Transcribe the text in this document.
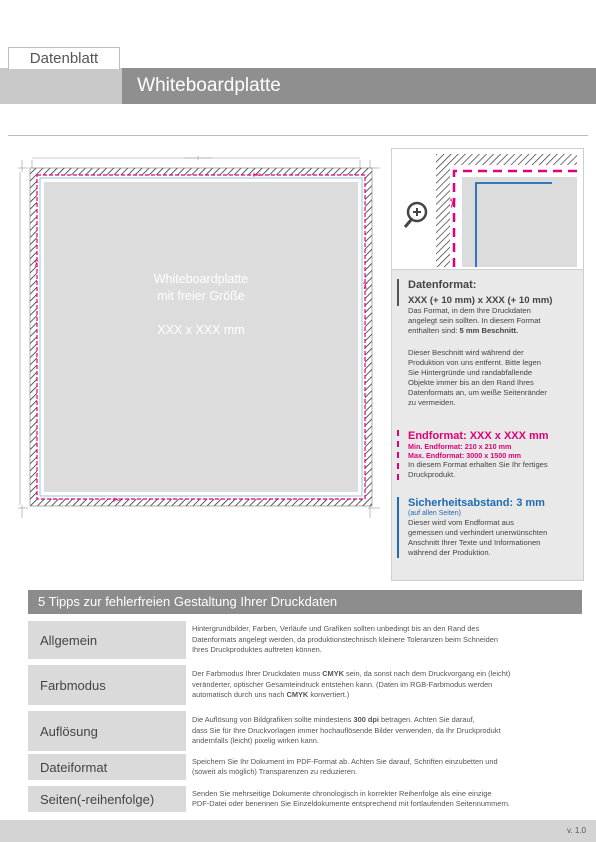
Datenblatt
Whiteboardplatte
✂
✂
✂
✂
Whiteboardplatte
mit freier Größe
XXX x XXX mm
✂
Datenformat:
XXX (+ 10 mm) x XXX (+ 10 mm)
Das Format, in dem Ihre Druckdaten
angelegt sein sollten. In diesem Format
enthalten sind: 5 mm Beschnitt.
Dieser Beschnitt wird während der
Produktion von uns entfernt. Bitte legen
Sie Hintergründe und randabfallende
Objekte immer bis an den Rand Ihres
Datenformats an, um weiße Seitenränder
zu vermeiden.
Endformat: XXX x XXX mm
Min. Endformat: 210 x 210 mm
Max. Endformat: 3000 x 1500 mm
In diesem Format erhalten Sie Ihr fertiges
Druckprodukt.
Sicherheitsabstand: 3 mm
(auf allen Seiten)
Dieser wird vom Endformat aus
gemessen und verhindert unerwünschten
Anschnitt Ihrer Texte und Informationen
während der Produktion.
5 Tipps zur fehlerfreien Gestaltung Ihrer Druckdaten
Allgemein
Hintergrundbilder, Farben, Verläufe und Grafiken sollten unbedingt bis an den Rand des
Datenformats angelegt werden, da produktionstechnisch kleinere Toleranzen beim Schneiden
Ihres Druckproduktes auftreten können.
Farbmodus
Der Farbmodus Ihrer Druckdaten muss CMYK sein, da sonst nach dem Druckvorgang ein (leicht)
veränderter, optischer Gesamteindruck entstehen kann. (Daten im RGB-Farbmodus werden
automatisch durch uns nach CMYK konvertiert.)
Auflösung
Die Auflösung von Bildgrafiken sollte mindestens 300 dpi betragen. Achten Sie darauf,
dass Sie für Ihre Druckvorlagen immer hochauflösende Bilder verwenden, da Ihr Druckprodukt
andernfalls (leicht) pixelig wirken kann.
Dateiformat	Speichern Sie Ihr Dokument im PDF-Format ab. Achten Sie darauf, Schriften einzubetten und
(soweit als möglich) Transparenzen zu reduzieren.
Seiten(-reihenfolge)	Senden Sie mehrseitige Dokumente chronologisch in korrekter Reihenfolge als eine einzige
PDF-Datei oder benennen Sie Einzeldokumente entsprechend mit fortlaufenden Seitennummern.
v. 1.0
